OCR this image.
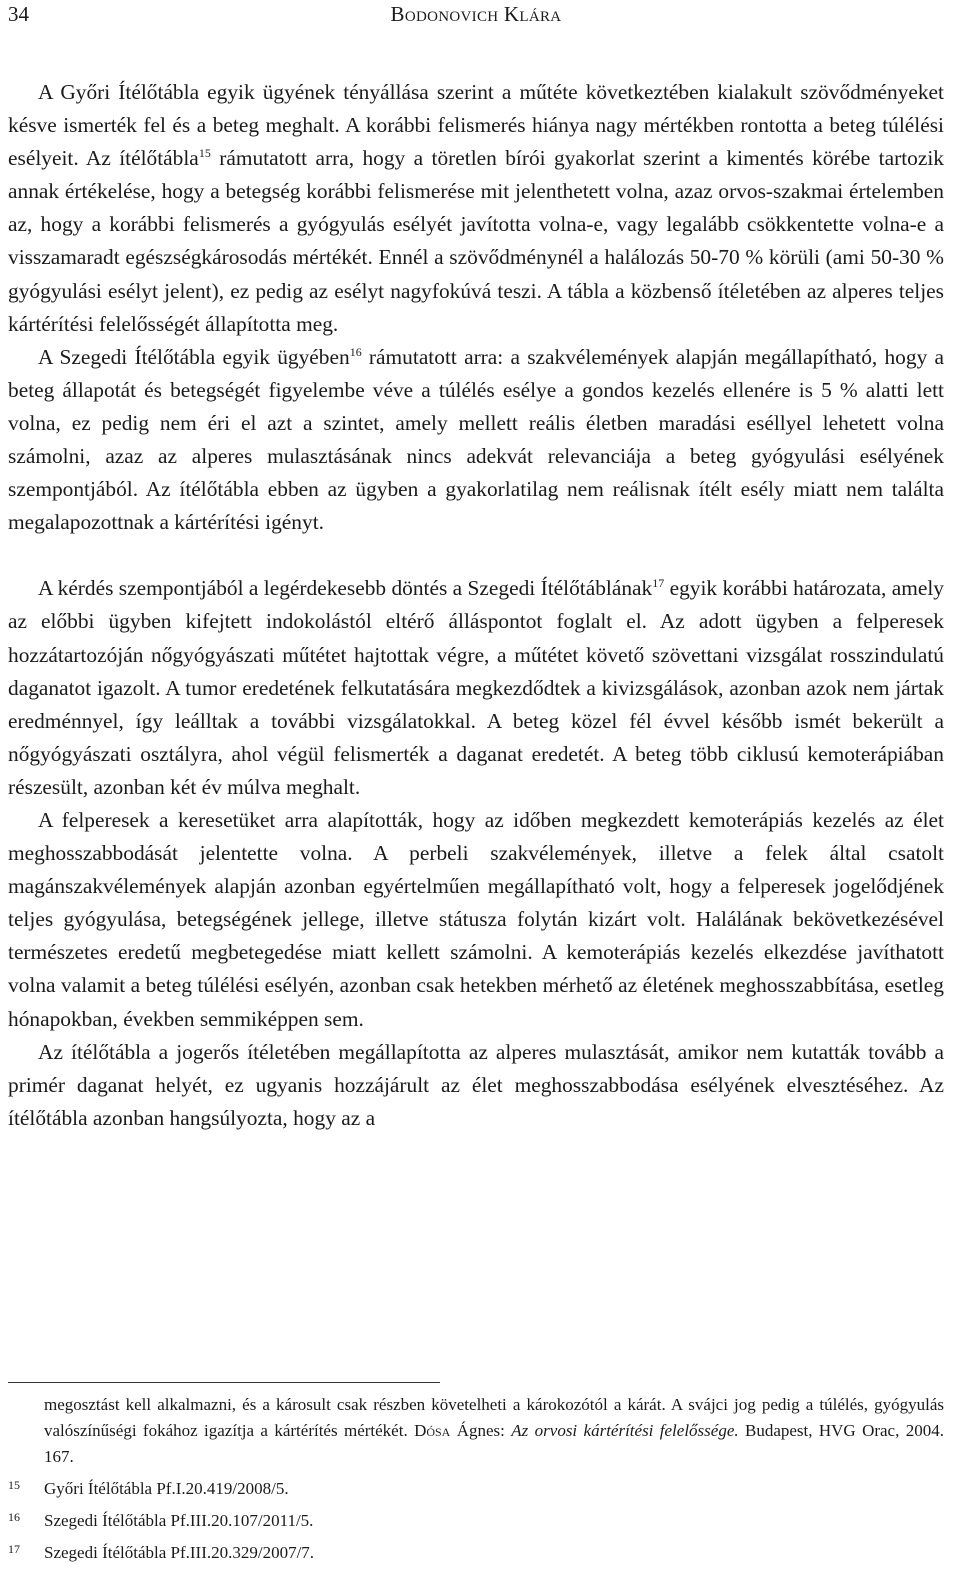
34	Bodonovich Klára

A Győri Ítélőtábla egyik ügyének tényállása szerint a műtéte következtében kialakult szövődményeket késve ismerték fel és a beteg meghalt. A korábbi felismerés hiánya nagy mértékben rontotta a beteg túlélési esélyeit. Az ítélőtábla$^{15}$ rámutatott arra, hogy a töretlen bírói gyakorlat szerint a kimentés körébe tartozik annak értékelése, hogy a betegség korábbi felismerése mit jelenthetett volna, azaz orvos-szakmai értelemben az, hogy a korábbi felismerés a gyógyulás esélyét javította volna-e, vagy legalább csökkentette volna-e a visszamaradt egészségkárosodás mértékét. Ennél a szövődménynél a halálozás 50-70 % körüli (ami 50-30 % gyógyulási esélyt jelent), ez pedig az esélyt nagyfokúvá teszi. A tábla a közbenső ítéletében az alperes teljes kártérítési felelősségét állapította meg.

A Szegedi Ítélőtábla egyik ügyében$^{16}$ rámutatott arra: a szakvélemények alapján megállapítható, hogy a beteg állapotát és betegségét figyelembe véve a túlélés esélye a gondos kezelés ellenére is 5 % alatti lett volna, ez pedig nem éri el azt a szintet, amely mellett reális életben maradási eséllyel lehetett volna számolni, azaz az alperes mulasztásának nincs adekvát relevanciája a beteg gyógyulási esélyének szempontjából. Az ítélőtábla ebben az ügyben a gyakorlatilag nem reálisnak ítélt esély miatt nem találta megalapozottnak a kártérítési igényt.

A kérdés szempontjából a legérdekesebb döntés a Szegedi Ítélőtáblának$^{17}$ egyik korábbi határozata, amely az előbbi ügyben kifejtett indokolástól eltérő álláspontot foglalt el. Az adott ügyben a felperesek hozzátartozóján nőgyógyászati műtétet hajtottak végre, a műtétet követő szövettani vizsgálat rosszindulatú daganatot igazolt. A tumor eredetének felkutatására megkezdődtek a kivizsgálások, azonban azok nem jártak eredménnyel, így leálltak a további vizsgálatokkal. A beteg közel fél évvel később ismét bekerült a nőgyógyászati osztályra, ahol végül felismerték a daganat eredetét. A beteg több ciklusú kemoterápiában részesült, azonban két év múlva meghalt.

A felperesek a keresetüket arra alapították, hogy az időben megkezdett kemoterápiás kezelés az élet meghosszabbodását jelentette volna. A perbeli szakvélemények, illetve a felek által csatolt magánszakvélemények alapján azonban egyértelműen megállapítható volt, hogy a felperesek jogelődjének teljes gyógyulása, betegségének jellege, illetve státusza folytán kizárt volt. Halálának bekövetkezésével természetes eredetű megbetegedése miatt kellett számolni. A kemoterápiás kezelés elkezdése javíthatott volna valamit a beteg túlélési esélyén, azonban csak hetekben mérhető az életének meghosszabbítása, esetleg hónapokban, években semmiképpen sem.

Az ítélőtábla a jogerős ítéletében megállapította az alperes mulasztását, amikor nem kutatták tovább a primér daganat helyét, ez ugyanis hozzájárult az élet meghosszabbodása esélyének elvesztéséhez. Az ítélőtábla azonban hangsúlyozta, hogy az a

megosztást kell alkalmazni, és a károsult csak részben követelheti a károkozótól a kárát. A svájci jog pedig a túlélés, gyógyulás valószínűségi fokához igazítja a kártérítés mértékét. Dósa Ágnes: Az orvosi kártérítési felelőssége. Budapest, HVG Orac, 2004. 167.

15 Győri Ítélőtábla Pf.I.20.419/2008/5.
16 Szegedi Ítélőtábla Pf.III.20.107/2011/5.
17 Szegedi Ítélőtábla Pf.III.20.329/2007/7.
